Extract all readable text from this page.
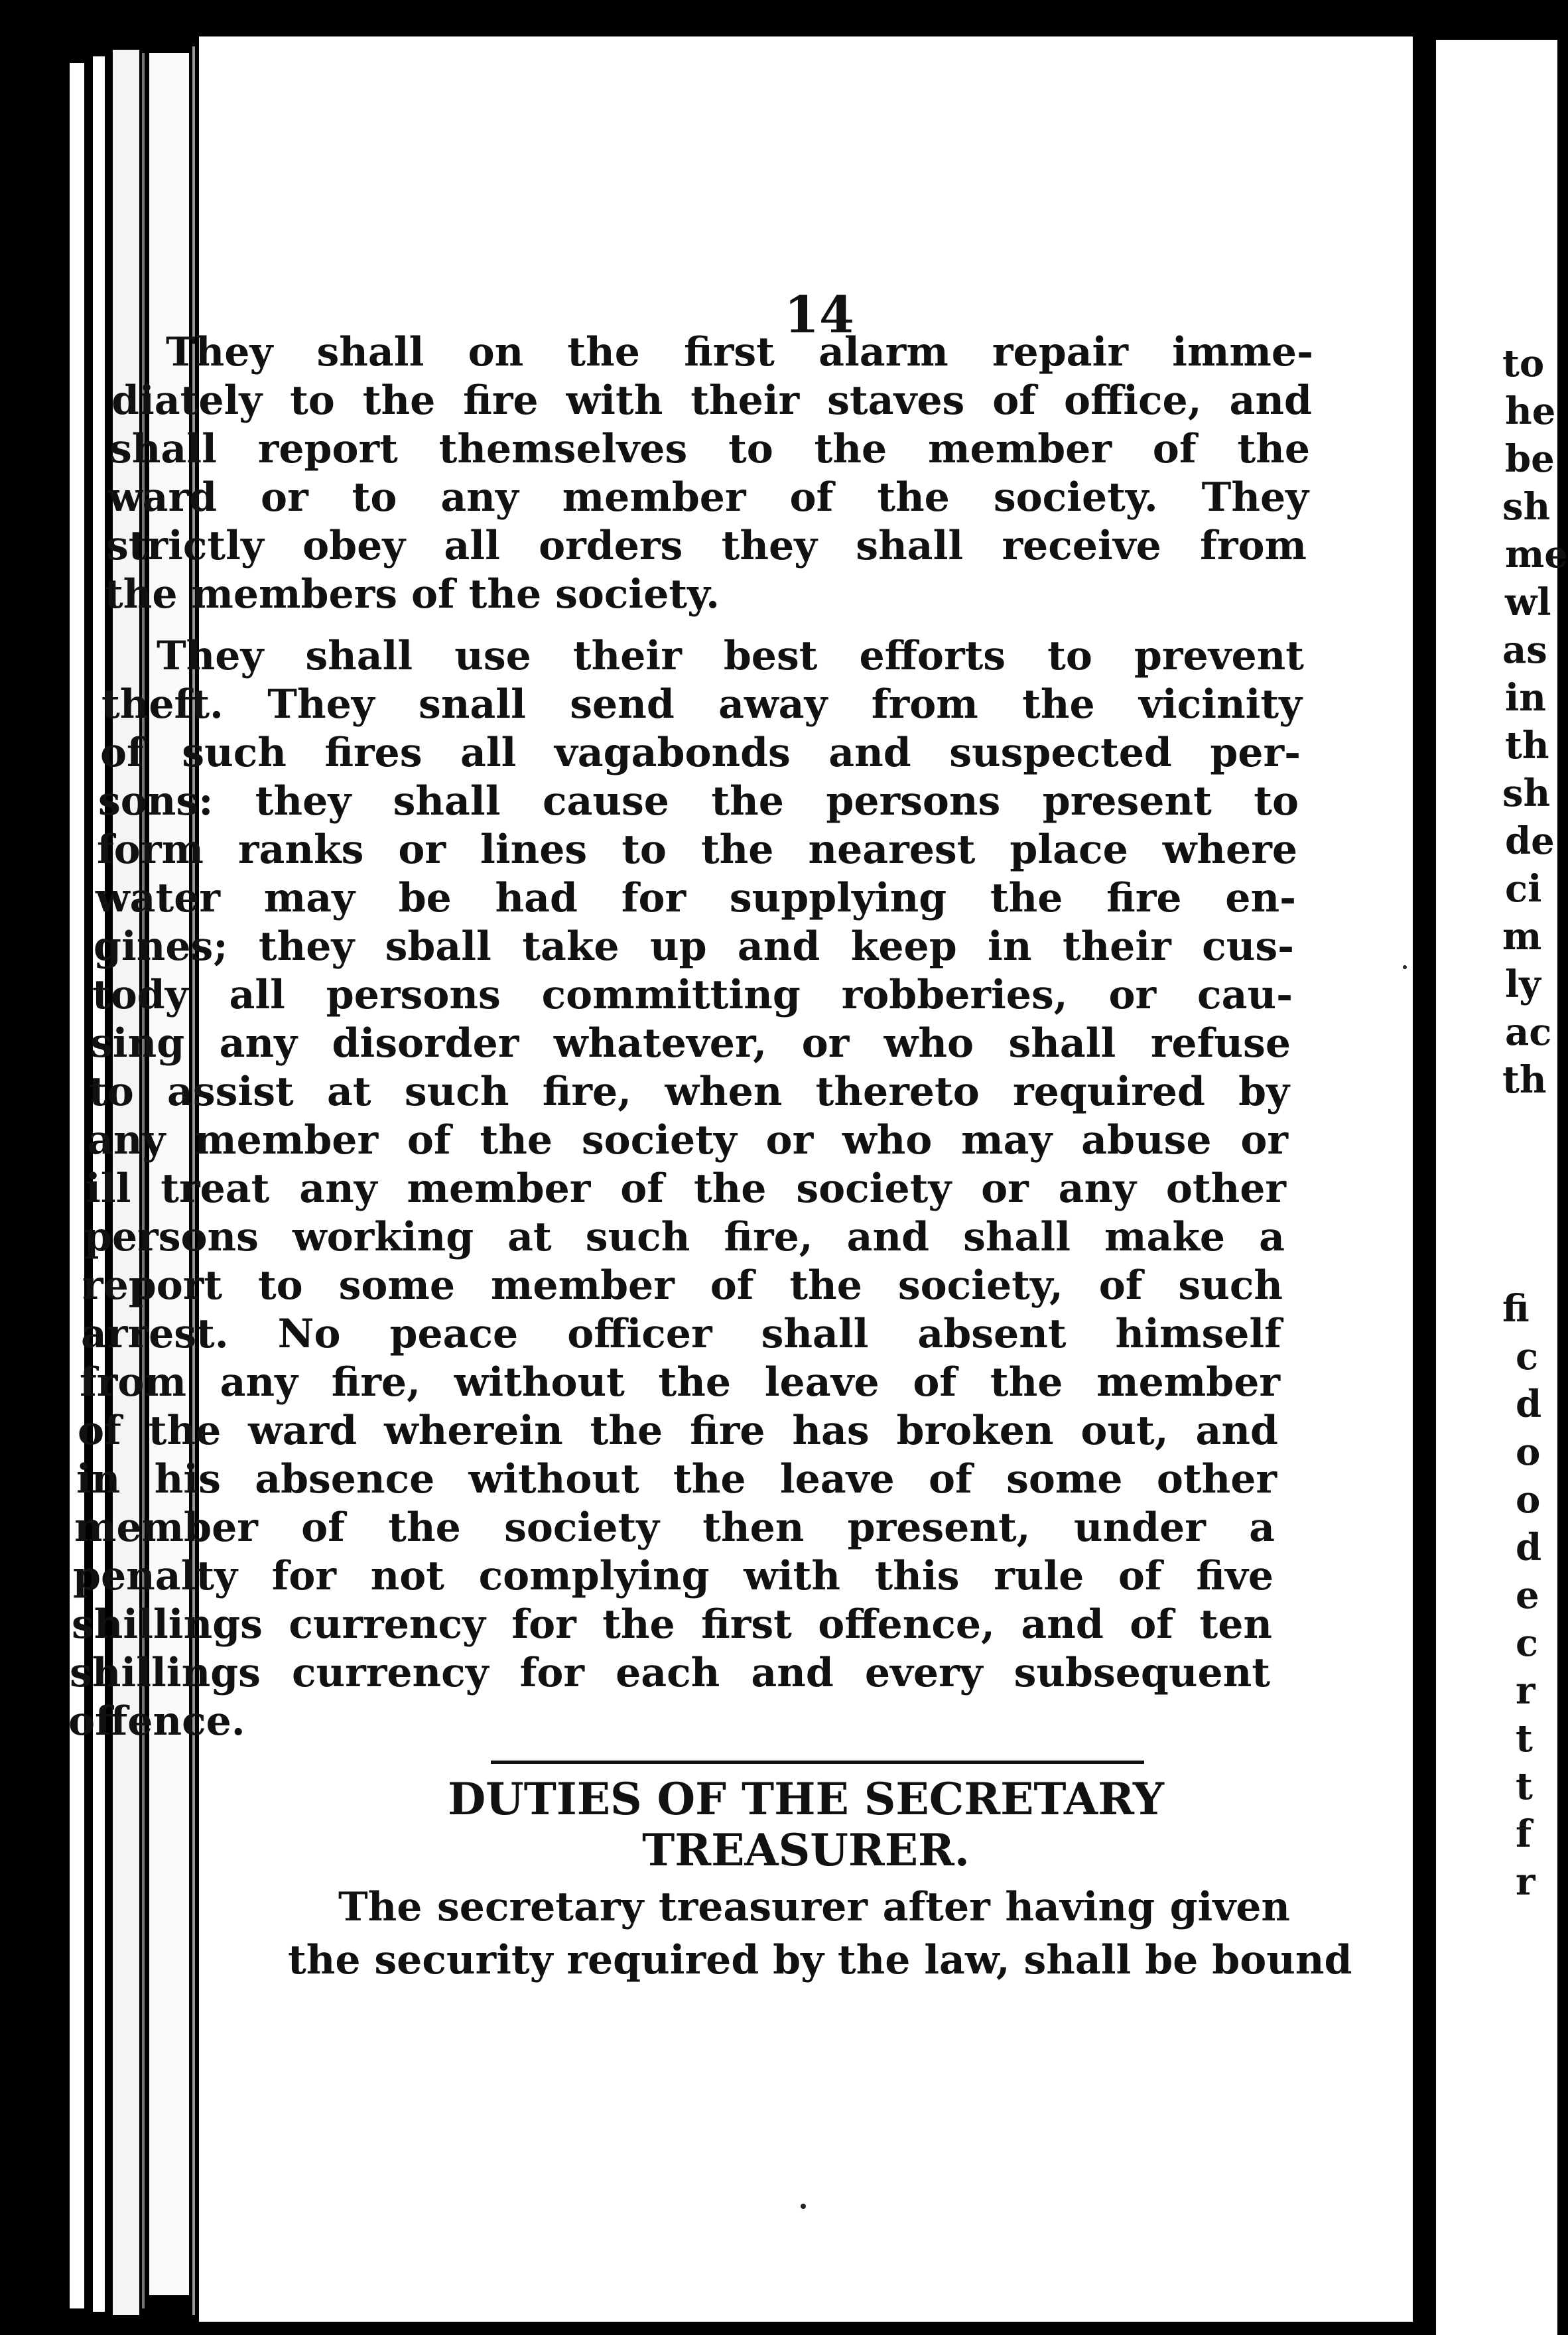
14
They shall on the first alarm repair imme-
diately to the fire with their staves of office, and
shall report themselves to the member of the
ward or to any member of the society. They
strictly obey all orders they shall receive from
the members of the society.
They shall use their best efforts to prevent
theft. They snall send away from the vicinity
of such fires all vagabonds and suspected per-
sons: they shall cause the persons present to
form ranks or lines to the nearest place where
water may be had for supplying the fire en-
gines; they sball take up and keep in their cus-
tody all persons committing robberies, or cau-
sing any disorder whatever, or who shall refuse
to assist at such fire, when thereto required by
any member of the society or who may abuse or
ill treat any member of the society or any other
persons working at such fire, and shall make a
report to some member of the society, of such
arrest. No peace officer shall absent himself
from any fire, without the leave of the member
of the ward wherein the fire has broken out, and
in his absence without the leave of some other
member of the society then present, under a
penalty for not complying with this rule of five
shillings currency for the first offence, and of ten
shillings currency for each and every subsequent
offence.
DUTIES OF THE SECRETARY
TREASURER.
The secretary treasurer after having given
the security required by the law, shall be bound
to
he
be
sh
me
wl
as
in
th
sh
de
ci
m
ly
ac
th
fi
c
d
o
o
d
e
c
r
t
t
f
r
